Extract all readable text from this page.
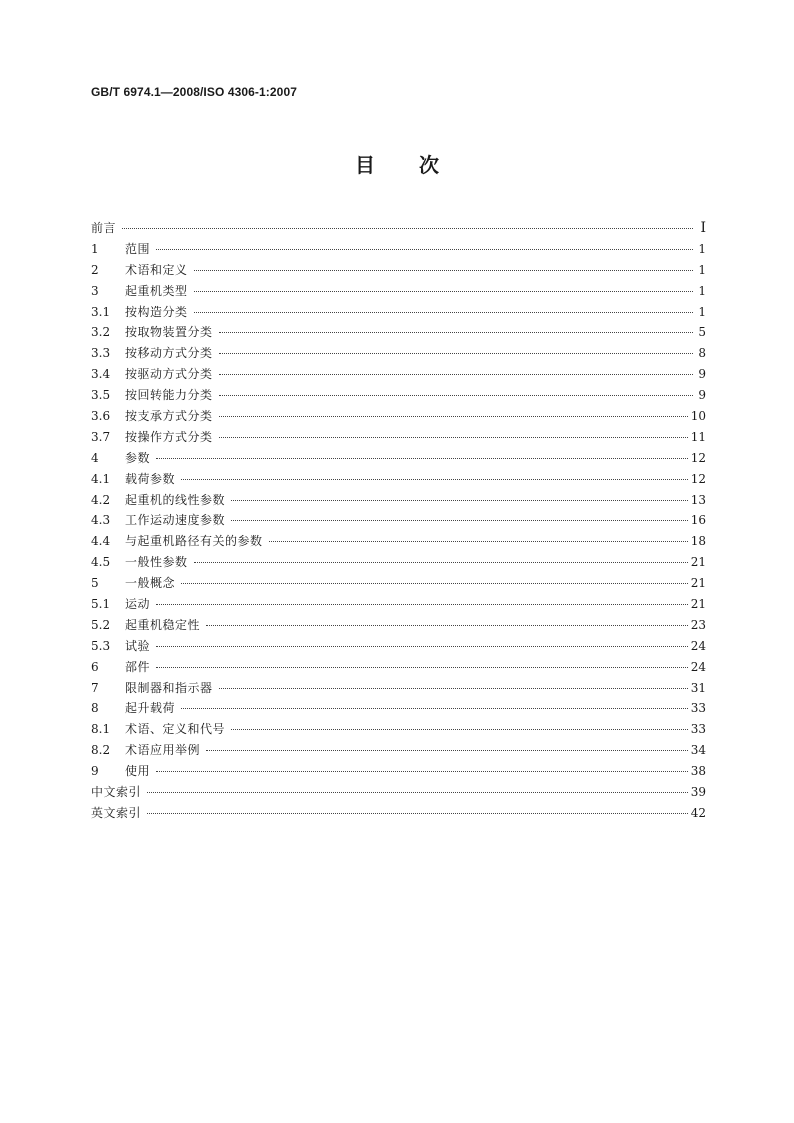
GB/T 6974.1—2008/ISO 4306-1:2007
目 次
前言	I
1	范围	1
2	术语和定义	1
3	起重机类型	1
3.1	按构造分类	1
3.2	按取物装置分类	5
3.3	按移动方式分类	8
3.4	按驱动方式分类	9
3.5	按回转能力分类	9
3.6	按支承方式分类	10
3.7	按操作方式分类	11
4	参数	12
4.1	载荷参数	12
4.2	起重机的线性参数	13
4.3	工作运动速度参数	16
4.4	与起重机路径有关的参数	18
4.5	一般性参数	21
5	一般概念	21
5.1	运动	21
5.2	起重机稳定性	23
5.3	试验	24
6	部件	24
7	限制器和指示器	31
8	起升载荷	33
8.1	术语、定义和代号	33
8.2	术语应用举例	34
9	使用	38
中文索引	39
英文索引	42
